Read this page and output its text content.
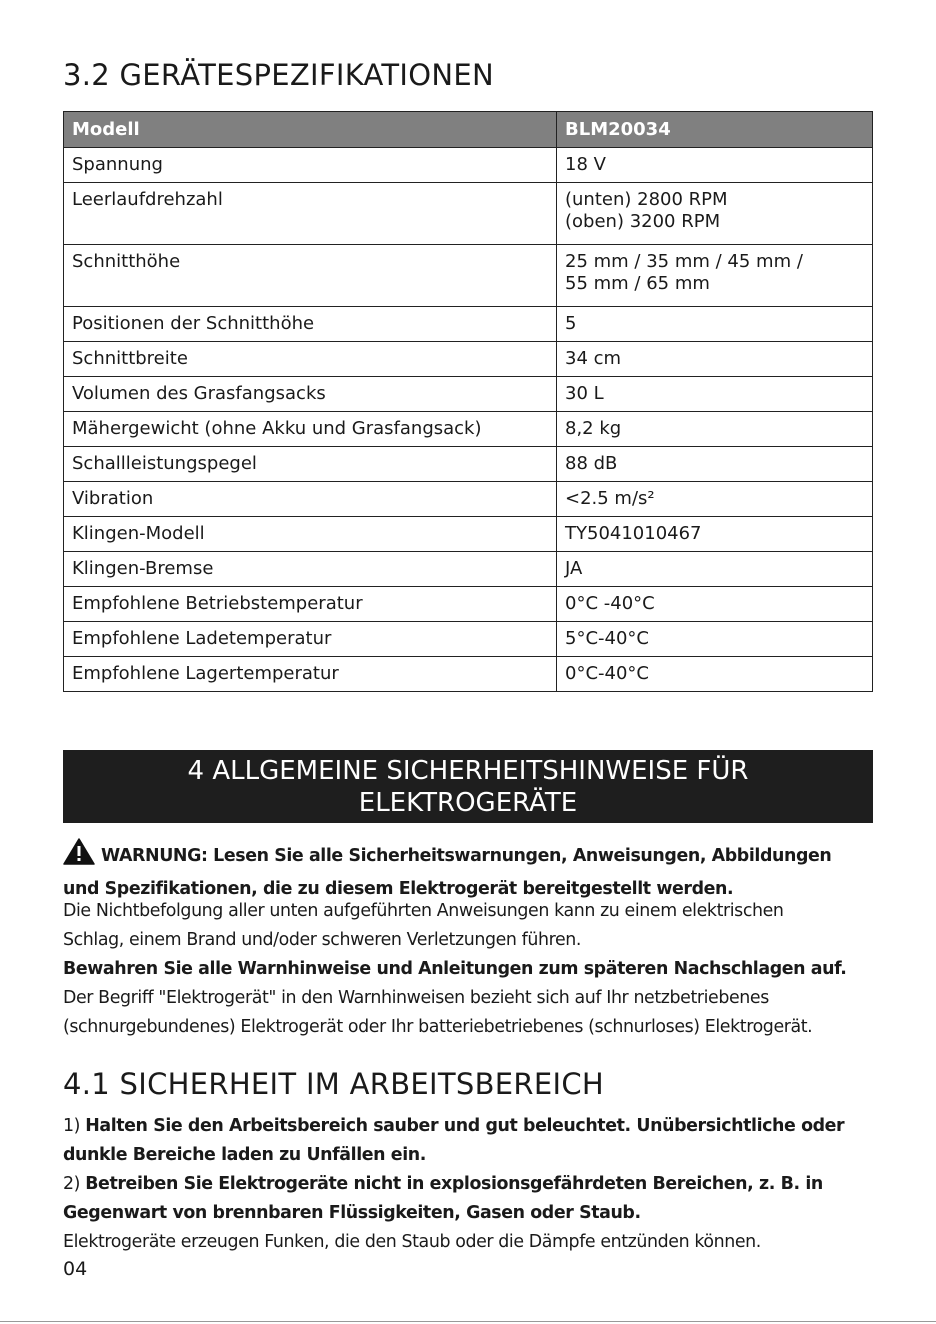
3.2 GERÄTESPEZIFIKATIONEN
Modell	BLM20034
Spannung	18 V

Leerlaufdrehzahl	(unten) 2800 RPM
(oben) 3200 RPM

Schnitthöhe	25 mm / 35 mm / 45 mm /
55 mm / 65 mm

Positionen der Schnitthöhe	5

Schnittbreite	34 cm

Volumen des Grasfangsacks	30 L

Mähergewicht (ohne Akku und Grasfangsack)	8,2 kg

Schallleistungspegel	88 dB

Vibration	<2.5 m/s²

Klingen-Modell	TY5041010467

Klingen-Bremse	JA

Empfohlene Betriebstemperatur	0°C -40°C

Empfohlene Ladetemperatur	5°C-40°C

Empfohlene Lagertemperatur	0°C-40°C
4 ALLGEMEINE SICHERHEITSHINWEISE FÜR
ELEKTROGERÄTE

WARNUNG: Lesen Sie alle Sicherheitswarnungen, Anweisungen, Abbildungen
und Spezifikationen, die zu diesem Elektrogerät bereitgestellt werden.

Die Nichtbefolgung aller unten aufgeführten Anweisungen kann zu einem elektrischen
Schlag, einem Brand und/oder schweren Verletzungen führen.

Bewahren Sie alle Warnhinweise und Anleitungen zum späteren Nachschlagen auf.

Der Begriff "Elektrogerät" in den Warnhinweisen bezieht sich auf Ihr netzbetriebenes
(schnurgebundenes) Elektrogerät oder Ihr batteriebetriebenes (schnurloses) Elektrogerät.

4.1 SICHERHEIT IM ARBEITSBEREICH

1) Halten Sie den Arbeitsbereich sauber und gut beleuchtet. Unübersichtliche oder
dunkle Bereiche laden zu Unfällen ein.

2) Betreiben Sie Elektrogeräte nicht in explosionsgefährdeten Bereichen, z. B. in
Gegenwart von brennbaren Flüssigkeiten, Gasen oder Staub.
Elektrogeräte erzeugen Funken, die den Staub oder die Dämpfe entzünden können.

04
